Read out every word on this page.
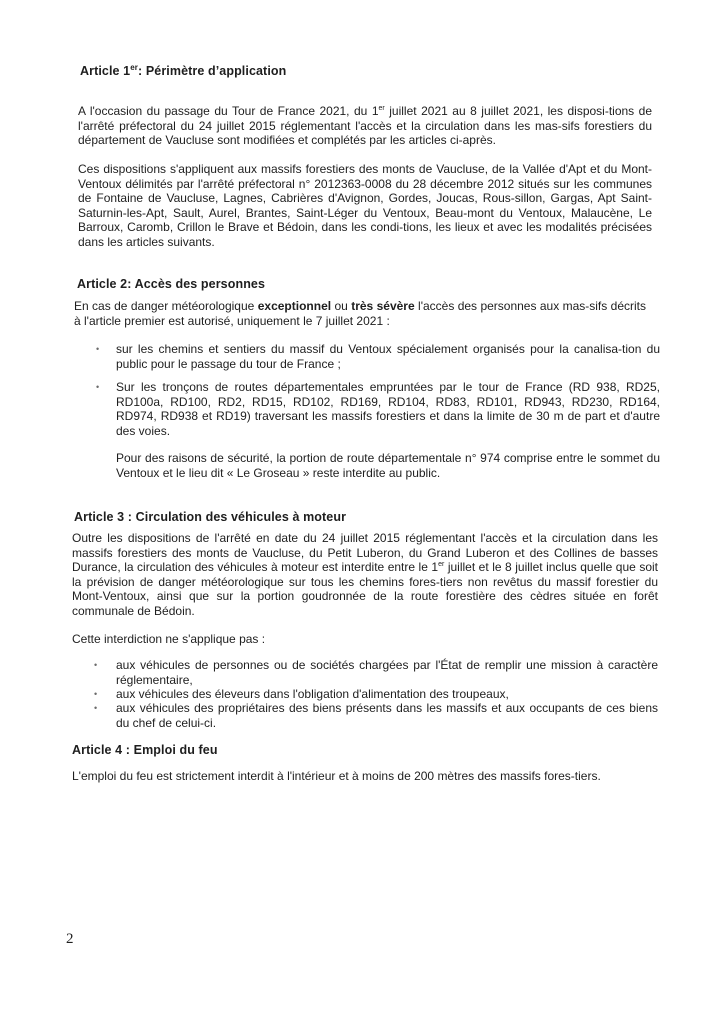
Article 1er: Périmètre d’application
A l'occasion du passage du Tour de France 2021, du 1er juillet 2021 au 8 juillet 2021, les disposi-tions de l'arrêté préfectoral du 24 juillet 2015 réglementant l'accès et la circulation dans les mas-sifs forestiers du département de Vaucluse sont modifiées et complétés par les articles ci-après.
Ces dispositions s'appliquent aux massifs forestiers des monts de Vaucluse, de la Vallée d'Apt et du Mont-Ventoux délimités par l'arrêté préfectoral n° 2012363-0008 du 28 décembre 2012 situés sur les communes de Fontaine de Vaucluse, Lagnes, Cabrières d'Avignon, Gordes, Joucas, Rous-sillon, Gargas, Apt Saint-Saturnin-les-Apt, Sault, Aurel, Brantes, Saint-Léger du Ventoux, Beau-mont du Ventoux, Malaucène, Le Barroux, Caromb, Crillon le Brave et Bédoin, dans les condi-tions, les lieux et avec les modalités précisées dans les articles suivants.
Article 2: Accès des personnes
En cas de danger météorologique exceptionnel ou très sévère l'accès des personnes aux mas-sifs décrits à l'article premier est autorisé, uniquement le 7 juillet 2021 :
• sur les chemins et sentiers du massif du Ventoux spécialement organisés pour la canalisa-tion du public pour le passage du tour de France ;
• Sur les tronçons de routes départementales empruntées par le tour de France (RD 938, RD25, RD100a, RD100, RD2, RD15, RD102, RD169, RD104, RD83, RD101, RD943, RD230, RD164, RD974, RD938 et RD19) traversant les massifs forestiers et dans la limite de 30 m de part et d'autre des voies.
Pour des raisons de sécurité, la portion de route départementale n° 974 comprise entre le sommet du Ventoux et le lieu dit « Le Groseau » reste interdite au public.
Article 3 : Circulation des véhicules à moteur
Outre les dispositions de l'arrêté en date du 24 juillet 2015 réglementant l'accès et la circulation dans les massifs forestiers des monts de Vaucluse, du Petit Luberon, du Grand Luberon et des Collines de basses Durance, la circulation des véhicules à moteur est interdite entre le 1er juillet et le 8 juillet inclus quelle que soit la prévision de danger météorologique sur tous les chemins fores-tiers non revêtus du massif forestier du Mont-Ventoux, ainsi que sur la portion goudronnée de la route forestière des cèdres située en forêt communale de Bédoin.
Cette interdiction ne s'applique pas :
• aux véhicules de personnes ou de sociétés chargées par l'État de remplir une mission à caractère réglementaire,
• aux véhicules des éleveurs dans l'obligation d'alimentation des troupeaux,
• aux véhicules des propriétaires des biens présents dans les massifs et aux occupants de ces biens du chef de celui-ci.
Article 4 : Emploi du feu
L'emploi du feu est strictement interdit à l'intérieur et à moins de 200 mètres des massifs fores-tiers.
2
